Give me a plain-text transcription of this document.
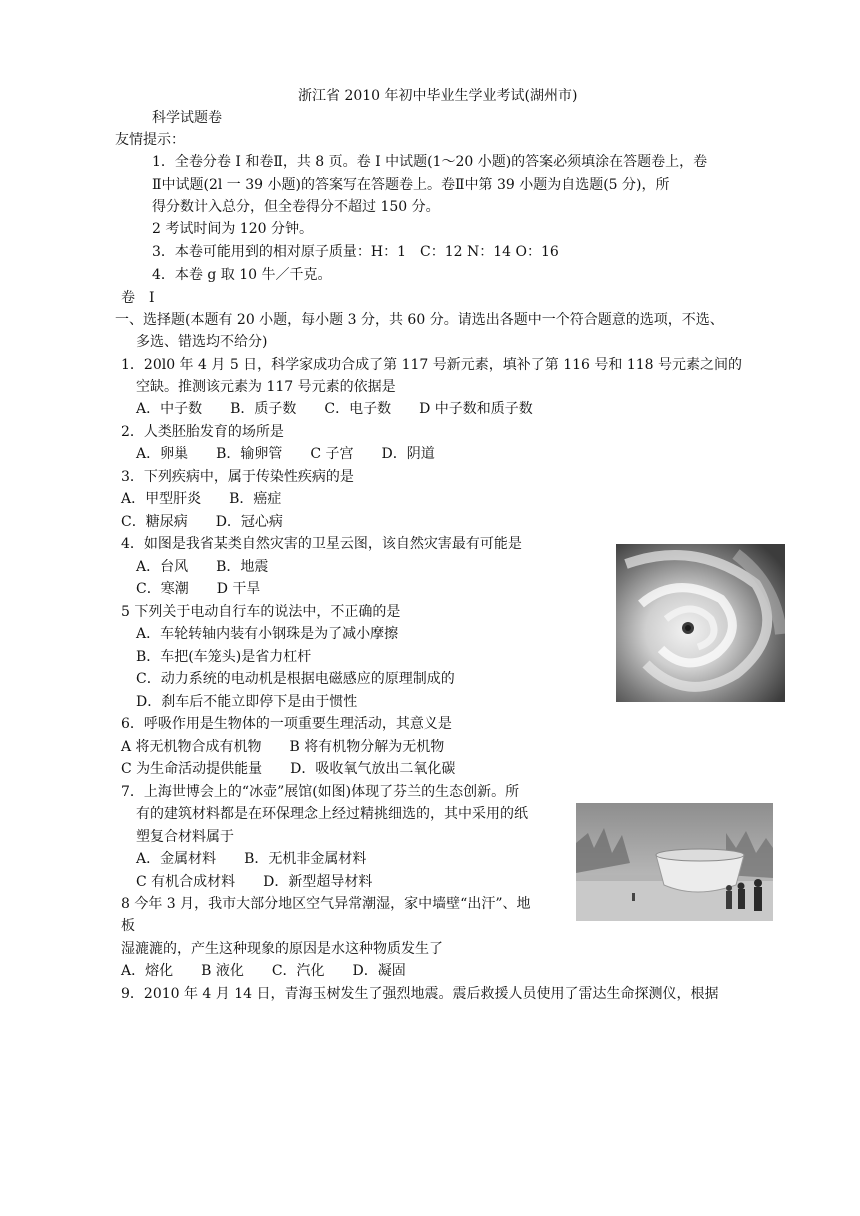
浙江省 2010 年初中毕业生学业考试(湖州市)
科学试题卷
友情提示：
1．全卷分卷 I 和卷Ⅱ，共 8 页。卷 I 中试题(1～20 小题)的答案必须填涂在答题卷上，卷
Ⅱ中试题(2l 一 39 小题)的答案写在答题卷上。卷Ⅱ中第 39 小题为自选题(5 分)，所
得分数计入总分，但全卷得分不超过 150 分。
2 考试时间为 120 分钟。
3．本卷可能用到的相对原子质量：H：1　C：12 N：14 O：16
4．本卷 g 取 10 牛／千克。
卷　I
一、选择题(本题有 20 小题，每小题 3 分，共 60 分。请选出各题中一个符合题意的选项，不选、
多选、错选均不给分)
1．20l0 年 4 月 5 日，科学家成功合成了第 117 号新元素，填补了第 116 号和 118 号元素之间的
空缺。推测该元素为 117 号元素的依据是
A．中子数　　B．质子数　　C．电子数　　D 中子数和质子数
2．人类胚胎发育的场所是
A．卵巢　　B．输卵管　　C 子宫　　D．阴道
3．下列疾病中，属于传染性疾病的是
A．甲型肝炎　　B．癌症
C．糖尿病　　D．冠心病
4．如图是我省某类自然灾害的卫星云图，该自然灾害最有可能是
A．台风　　B．地震
C．寒潮　　D 干旱
5 下列关于电动自行车的说法中，不正确的是
A．车轮转轴内装有小钢珠是为了减小摩擦
B．车把(车笼头)是省力杠杆
C．动力系统的电动机是根据电磁感应的原理制成的
D．刹车后不能立即停下是由于惯性
6．呼吸作用是生物体的一项重要生理活动，其意义是
A 将无机物合成有机物　　B 将有机物分解为无机物
C 为生命活动提供能量　　D．吸收氧气放出二氧化碳
7．上海世博会上的“冰壶”展馆(如图)体现了芬兰的生态创新。所
有的建筑材料都是在环保理念上经过精挑细选的，其中采用的纸
塑复合材料属于
A．金属材料　　B．无机非金属材料
C 有机合成材料　　D．新型超导材料
8 今年 3 月，我市大部分地区空气异常潮湿，家中墙壁“出汗”、地
板
湿漉漉的，产生这种现象的原因是水这种物质发生了
A．熔化　　B 液化　　C．汽化　　D．凝固
9．2010 年 4 月 14 日，青海玉树发生了强烈地震。震后救援人员使用了雷达生命探测仪，根据
